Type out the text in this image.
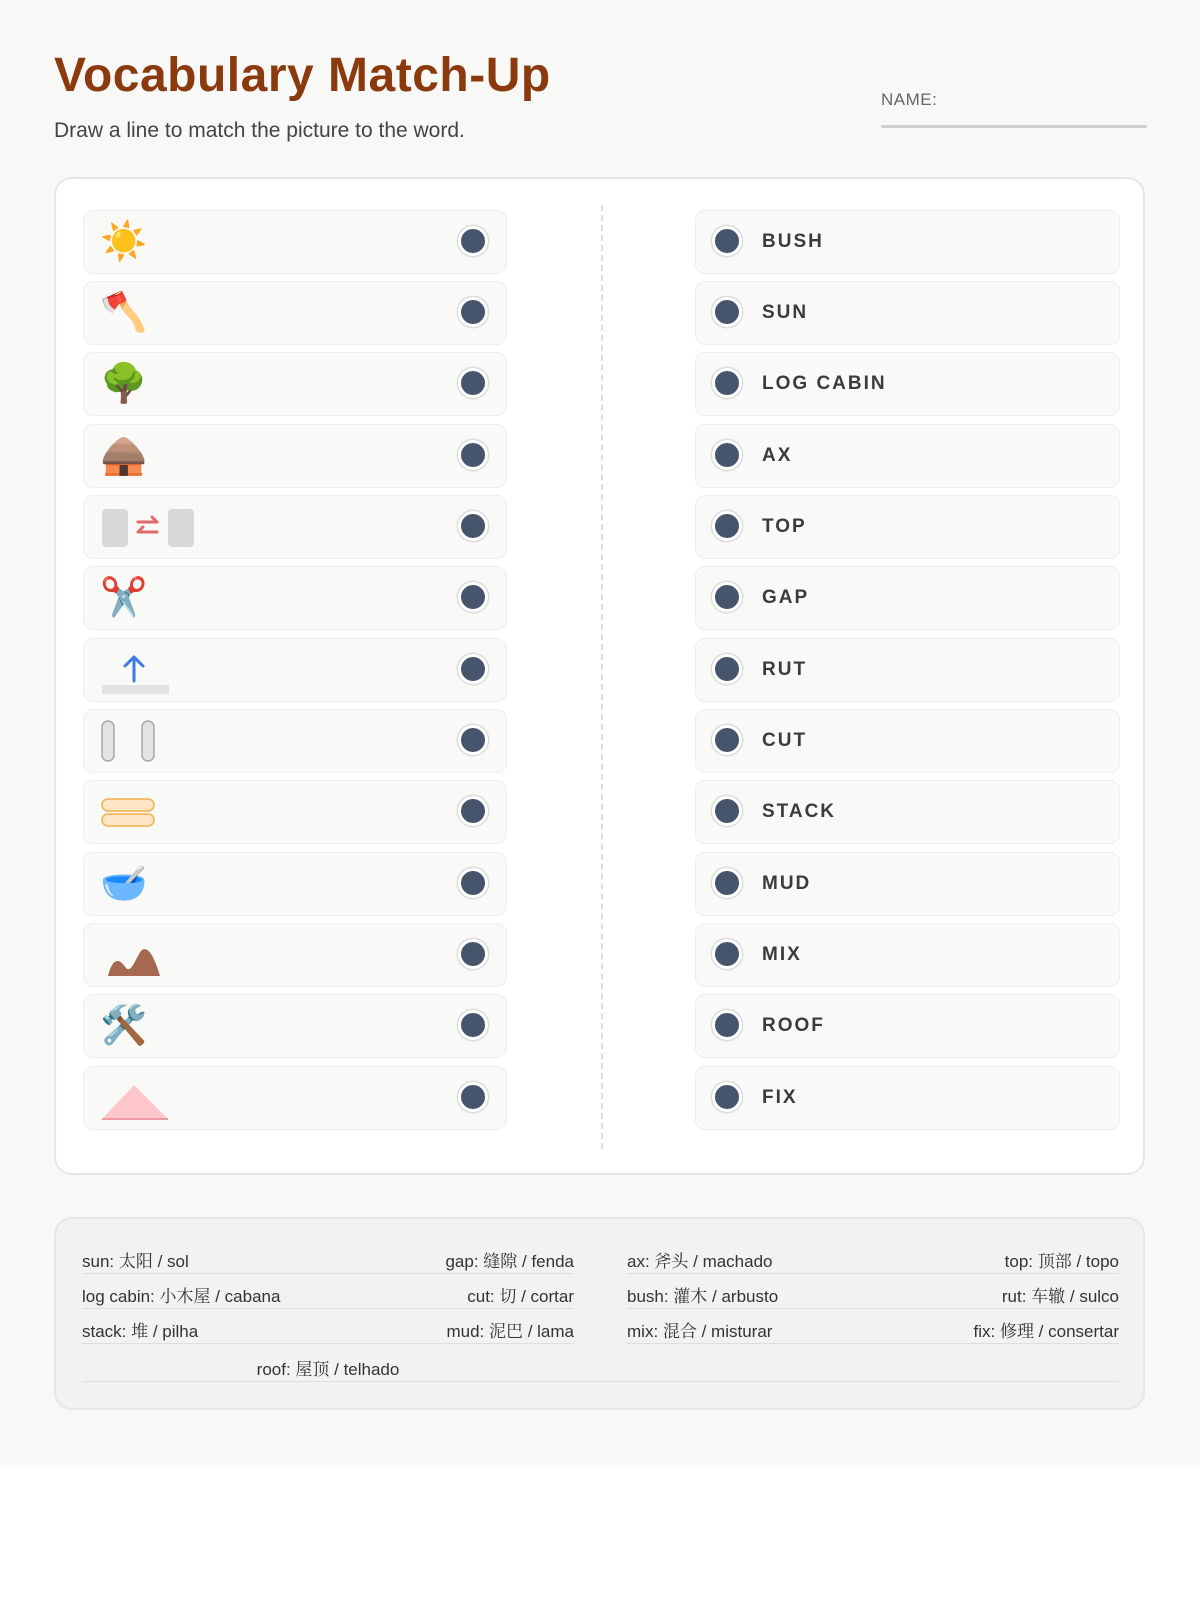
Vocabulary Match-Up
Draw a line to match the picture to the word.
NAME:
☀️
🪓
🌳
🛖
✂️
🥣
🛠️
BUSH
SUN
LOG CABIN
AX
TOP
GAP
RUT
CUT
STACK
MUD
MIX
ROOF
FIX
sun: 太阳 / sol	gap: 缝隙 / fenda
log cabin: 小木屋 / cabana	cut: 切 / cortar
stack: 堆 / pilha	mud: 泥巴 / lama
ax: 斧头 / machado	top: 顶部 / topo
bush: 灌木 / arbusto	rut: 车辙 / sulco
mix: 混合 / misturar	fix: 修理 / consertar
roof: 屋顶 / telhado
